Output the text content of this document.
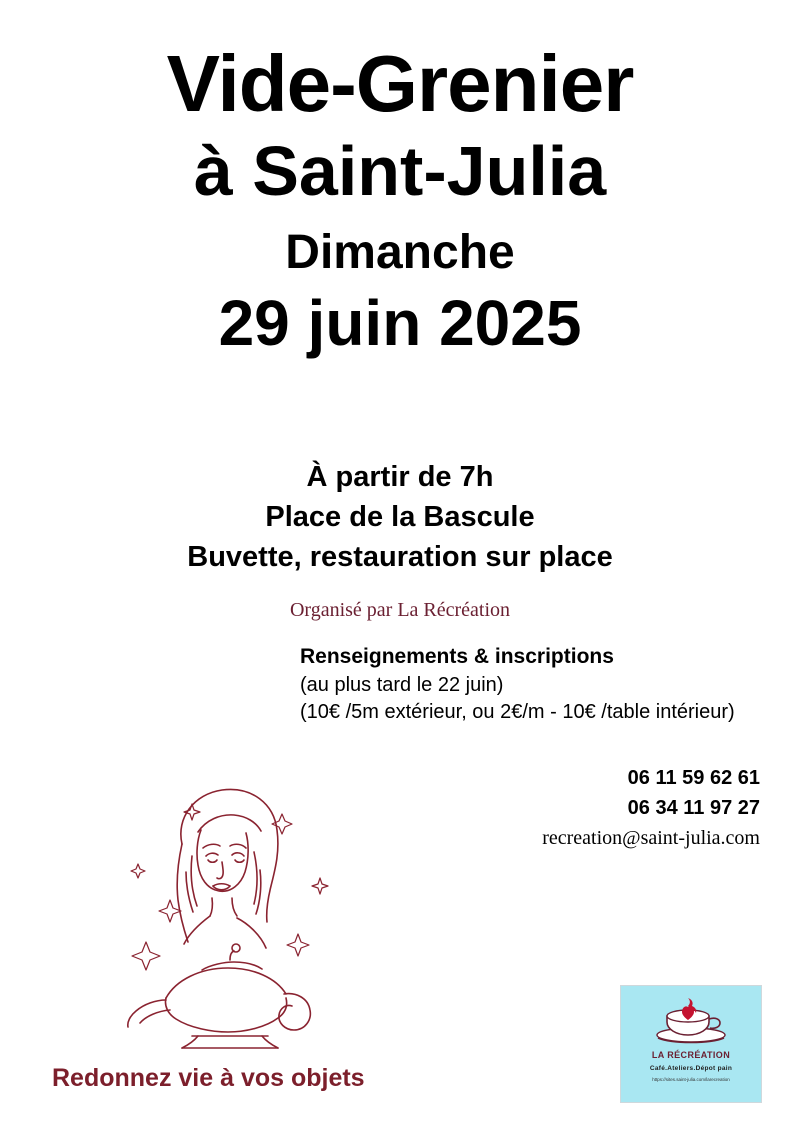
Vide-Grenier
à Saint-Julia
Dimanche
29 juin 2025
À partir de 7h
Place de la Bascule
Buvette, restauration sur place
Organisé par La Récréation
Renseignements & inscriptions
(au plus tard le 22 juin)
(10€ /5m extérieur, ou 2€/m - 10€ /table intérieur)
06 11 59 62 61
06 34 11 97 27
recreation@saint-julia.com
LA RÉCRÉATION
Café.Ateliers.Dépot pain
https://sites.saint-julia.com/larecreation
Redonnez vie à vos objets
